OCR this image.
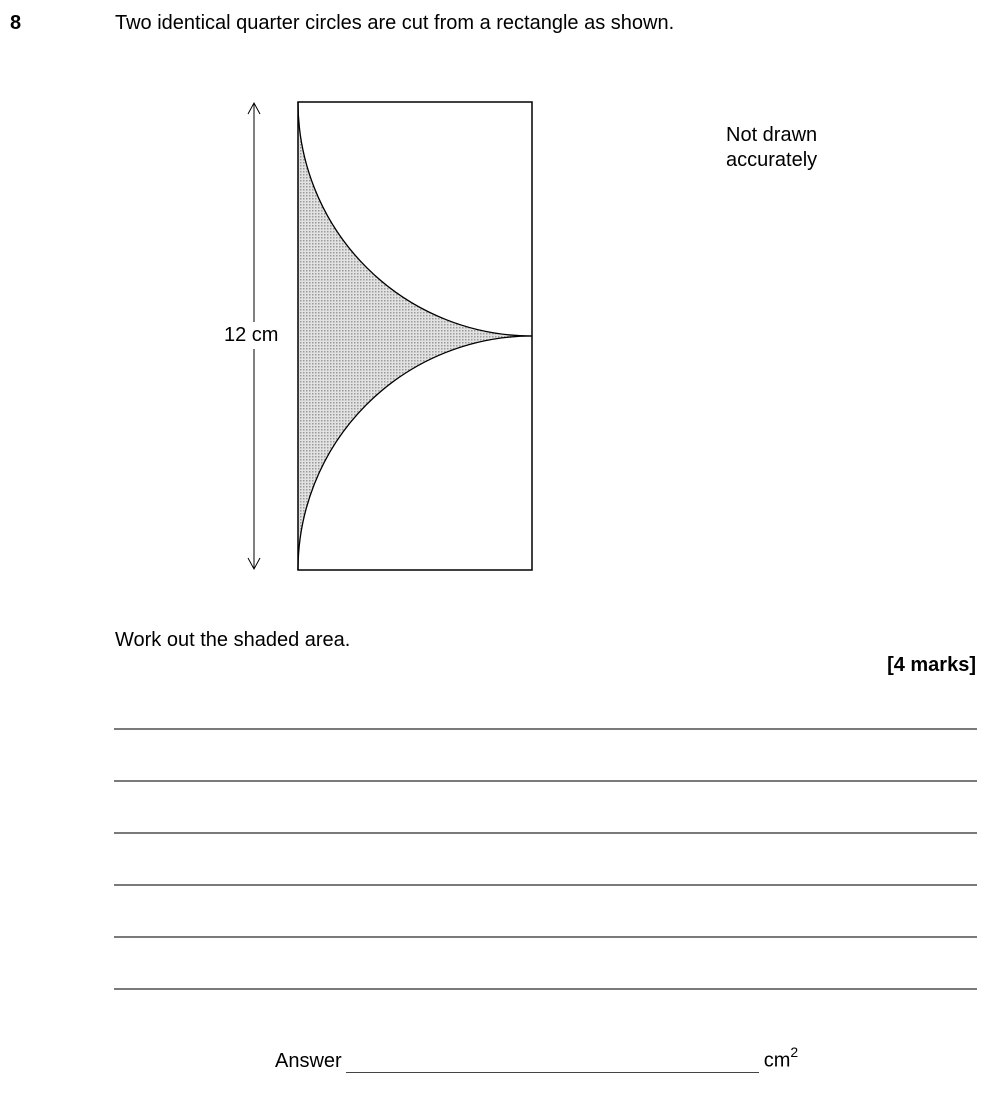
8	Two identical quarter circles are cut from a rectangle as shown.
12 cm
Not drawn
accurately
Work out the shaded area.
[4 marks]
Answer	$cm^2$
